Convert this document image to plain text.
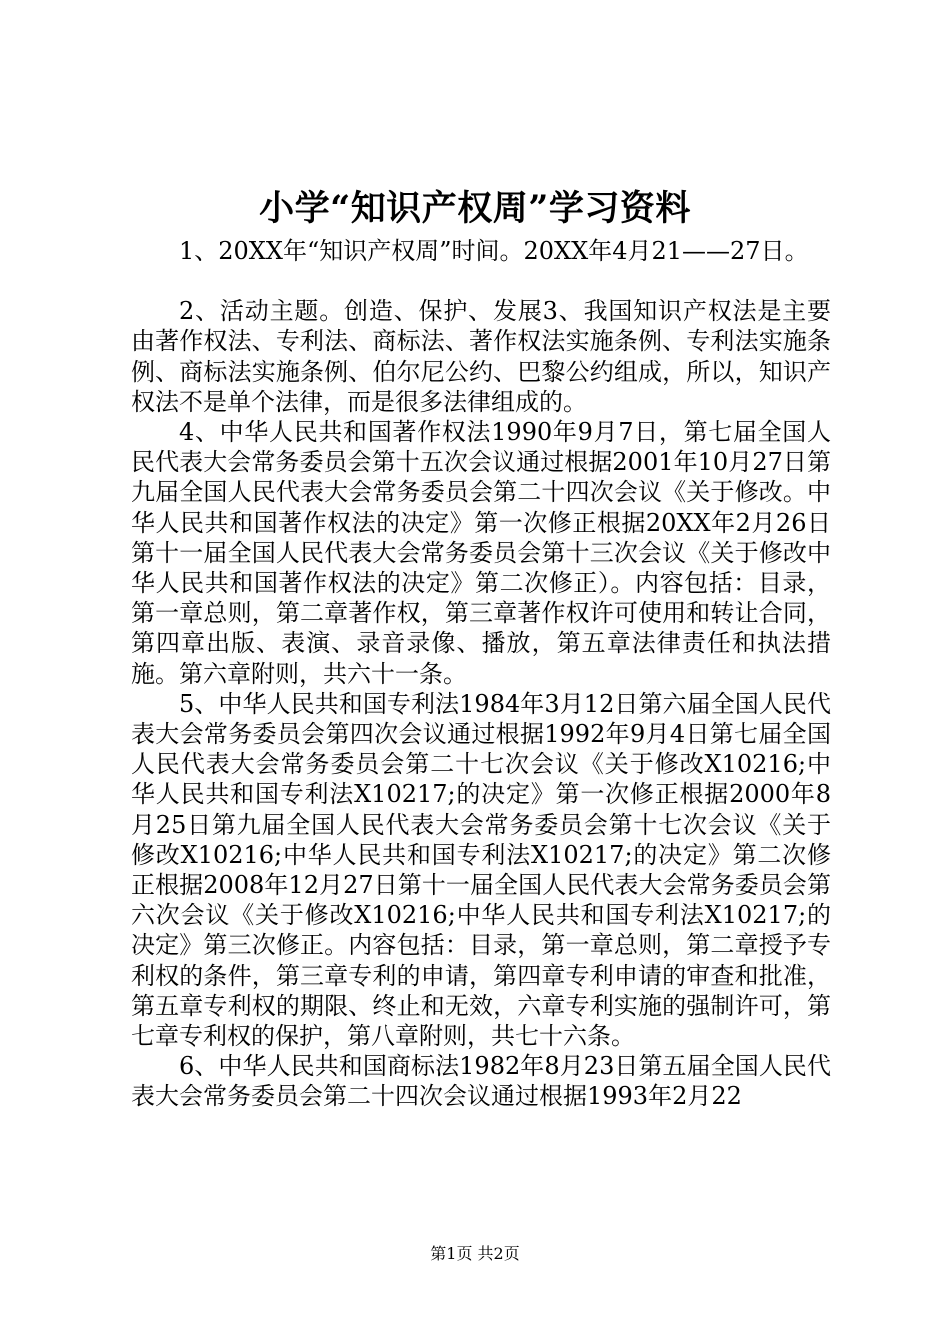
小学“知识产权周”学习资料

1、20XX年“知识产权周”时间。20XX年4月21——27日。

2、活动主题。创造、保护、发展3、我国知识产权法是主要由著作权法、专利法、商标法、著作权法实施条例、专利法实施条例、商标法实施条例、伯尔尼公约、巴黎公约组成，所以，知识产权法不是单个法律，而是很多法律组成的。

4、中华人民共和国著作权法1990年9月7日，第七届全国人民代表大会常务委员会第十五次会议通过根据2001年10月27日第九届全国人民代表大会常务委员会第二十四次会议《关于修改。中华人民共和国著作权法的决定》第一次修正根据20XX年2月26日第十一届全国人民代表大会常务委员会第十三次会议《关于修改中华人民共和国著作权法的决定》第二次修正）。内容包括：目录，第一章总则，第二章著作权，第三章著作权许可使用和转让合同，第四章出版、表演、录音录像、播放，第五章法律责任和执法措施。第六章附则，共六十一条。

5、中华人民共和国专利法1984年3月12日第六届全国人民代表大会常务委员会第四次会议通过根据1992年9月4日第七届全国人民代表大会常务委员会第二十七次会议《关于修改X10216;中华人民共和国专利法X10217;的决定》第一次修正根据2000年8月25日第九届全国人民代表大会常务委员会第十七次会议《关于修改X10216;中华人民共和国专利法X10217;的决定》第二次修正根据2008年12月27日第十一届全国人民代表大会常务委员会第六次会议《关于修改X10216;中华人民共和国专利法X10217;的决定》第三次修正。内容包括：目录，第一章总则，第二章授予专利权的条件，第三章专利的申请，第四章专利申请的审查和批准，第五章专利权的期限、终止和无效，六章专利实施的强制许可，第七章专利权的保护，第八章附则，共七十六条。

6、中华人民共和国商标法1982年8月23日第五届全国人民代表大会常务委员会第二十四次会议通过根据1993年2月22

第1页 共2页
